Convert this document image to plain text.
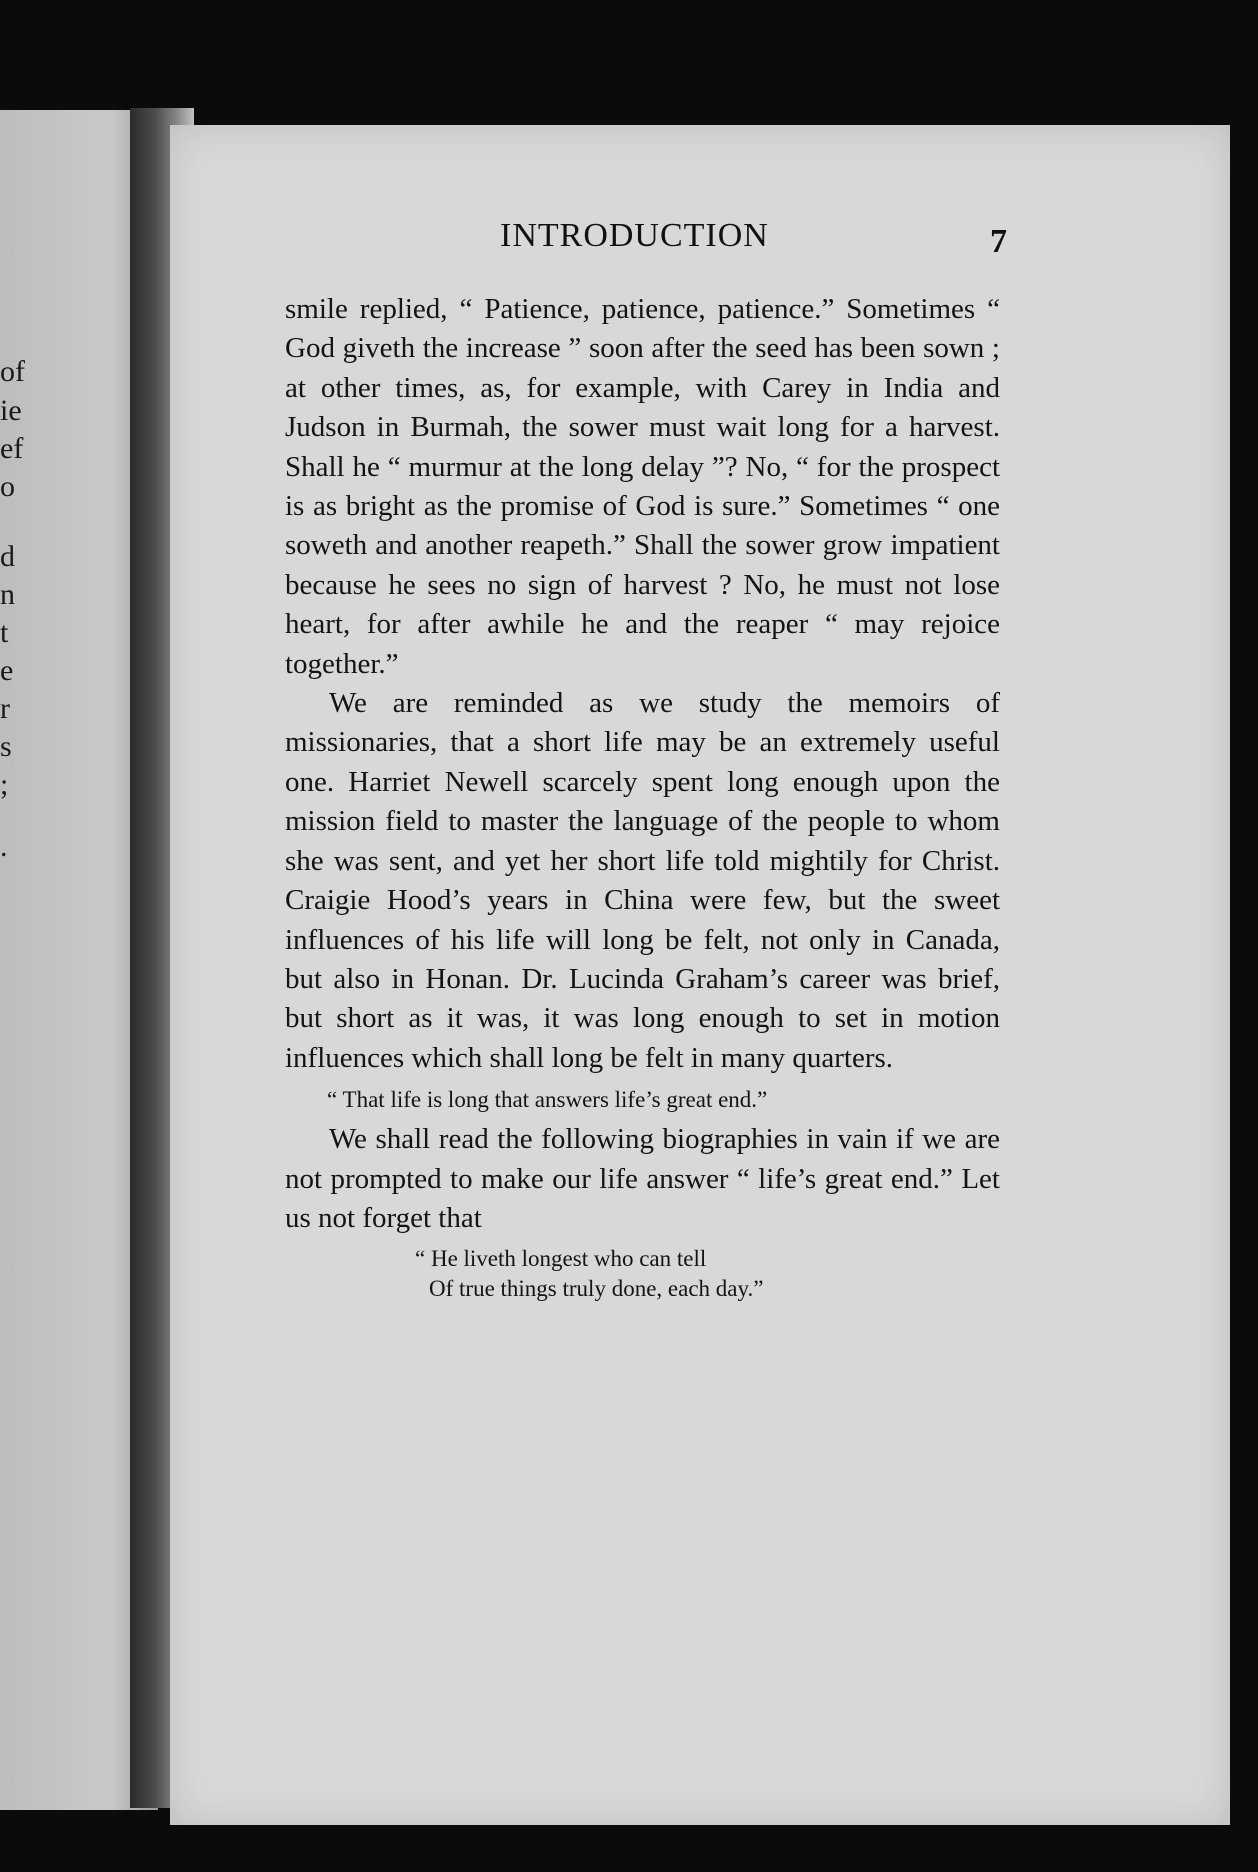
of
ie
ef
o
d
n
t
e
r
s
;
.
INTRODUCTION	7

smile replied, “ Patience, patience, patience.” Sometimes “ God giveth the increase ” soon after the seed has been sown ; at other times, as, for example, with Carey in India and Judson in Burmah, the sower must wait long for a harvest. Shall he “ murmur at the long delay ”? No, “ for the prospect is as bright as the promise of God is sure.” Sometimes “ one soweth and another reapeth.” Shall the sower grow impatient because he sees no sign of harvest ? No, he must not lose heart, for after awhile he and the reaper “ may rejoice together.”

We are reminded as we study the memoirs of missionaries, that a short life may be an extremely useful one. Harriet Newell scarcely spent long enough upon the mission field to master the language of the people to whom she was sent, and yet her short life told mightily for Christ. Craigie Hood’s years in China were few, but the sweet influences of his life will long be felt, not only in Canada, but also in Honan. Dr. Lucinda Graham’s career was brief, but short as it was, it was long enough to set in motion influences which shall long be felt in many quarters.

“ That life is long that answers life’s great end.”

We shall read the following biographies in vain if we are not prompted to make our life answer “ life’s great end.” Let us not forget that

“ He liveth longest who can tell
Of true things truly done, each day.”
